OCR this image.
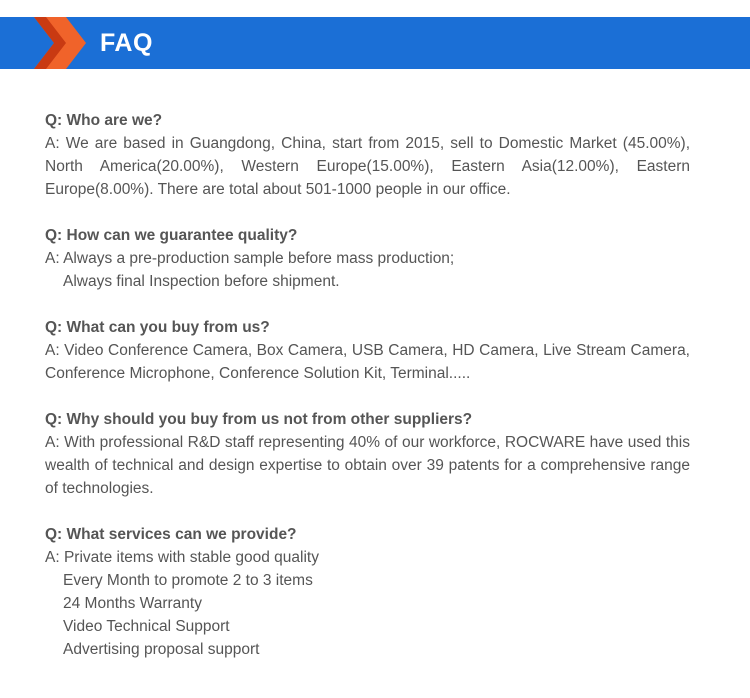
FAQ
Q: Who are we?
A: We are based in Guangdong, China, start from 2015, sell to Domestic Market (45.00%), North America(20.00%), Western Europe(15.00%), Eastern Asia(12.00%), Eastern Europe(8.00%). There are total about 501-1000 people in our office.
Q: How can we guarantee quality?
A: Always a pre-production sample before mass production;
Always final Inspection before shipment.
Q: What can you buy from us?
A: Video Conference Camera, Box Camera, USB Camera, HD Camera, Live Stream Camera, Conference Microphone, Conference Solution Kit, Terminal.....
Q: Why should you buy from us not from other suppliers?
A: With professional R&D staff representing 40% of our workforce, ROCWARE have used this wealth of technical and design expertise to obtain over 39 patents for a comprehensive range of technologies.
Q: What services can we provide?
A: Private items with stable good quality
Every Month to promote 2 to 3 items
24 Months Warranty
Video Technical Support
Advertising proposal support
